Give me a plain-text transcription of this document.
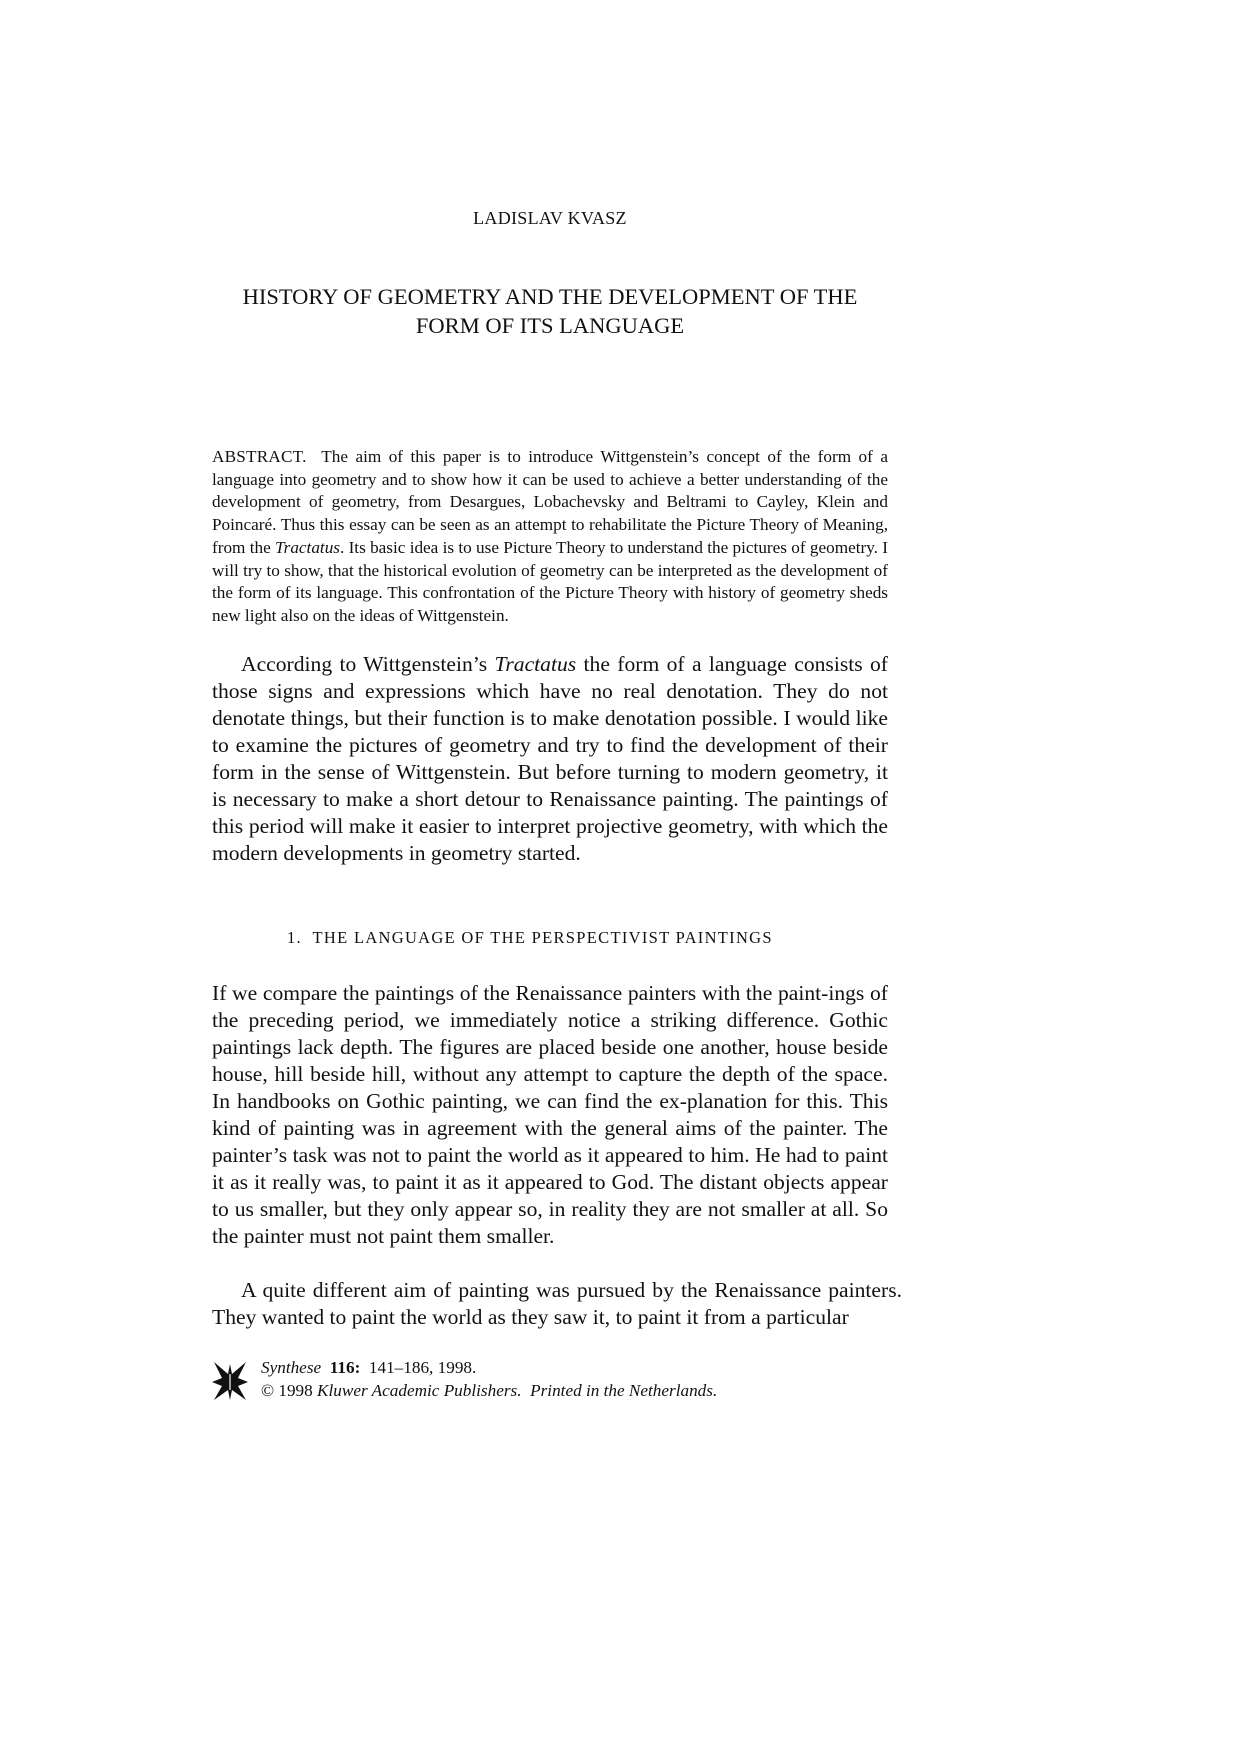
LADISLAV KVASZ
HISTORY OF GEOMETRY AND THE DEVELOPMENT OF THE
FORM OF ITS LANGUAGE
ABSTRACT. The aim of this paper is to introduce Wittgenstein’s concept of the form of a language into geometry and to show how it can be used to achieve a better understanding of the development of geometry, from Desargues, Lobachevsky and Beltrami to Cayley, Klein and Poincaré. Thus this essay can be seen as an attempt to rehabilitate the Picture Theory of Meaning, from the Tractatus. Its basic idea is to use Picture Theory to understand the pictures of geometry. I will try to show, that the historical evolution of geometry can be interpreted as the development of the form of its language. This confrontation of the Picture Theory with history of geometry sheds new light also on the ideas of Wittgenstein.
According to Wittgenstein’s Tractatus the form of a language consists of those signs and expressions which have no real denotation. They do not denotate things, but their function is to make denotation possible. I would like to examine the pictures of geometry and try to find the development of their form in the sense of Wittgenstein. But before turning to modern geometry, it is necessary to make a short detour to Renaissance painting. The paintings of this period will make it easier to interpret projective geometry, with which the modern developments in geometry started.
1. THE LANGUAGE OF THE PERSPECTIVIST PAINTINGS
If we compare the paintings of the Renaissance painters with the paint-ings of the preceding period, we immediately notice a striking difference. Gothic paintings lack depth. The figures are placed beside one another, house beside house, hill beside hill, without any attempt to capture the depth of the space. In handbooks on Gothic painting, we can find the ex-planation for this. This kind of painting was in agreement with the general aims of the painter. The painter’s task was not to paint the world as it appeared to him. He had to paint it as it really was, to paint it as it appeared to God. The distant objects appear to us smaller, but they only appear so, in reality they are not smaller at all. So the painter must not paint them smaller.
A quite different aim of painting was pursued by the Renaissance painters. They wanted to paint the world as they saw it, to paint it from a particular
Synthese 116: 141–186, 1998.
© 1998 Kluwer Academic Publishers. Printed in the Netherlands.
